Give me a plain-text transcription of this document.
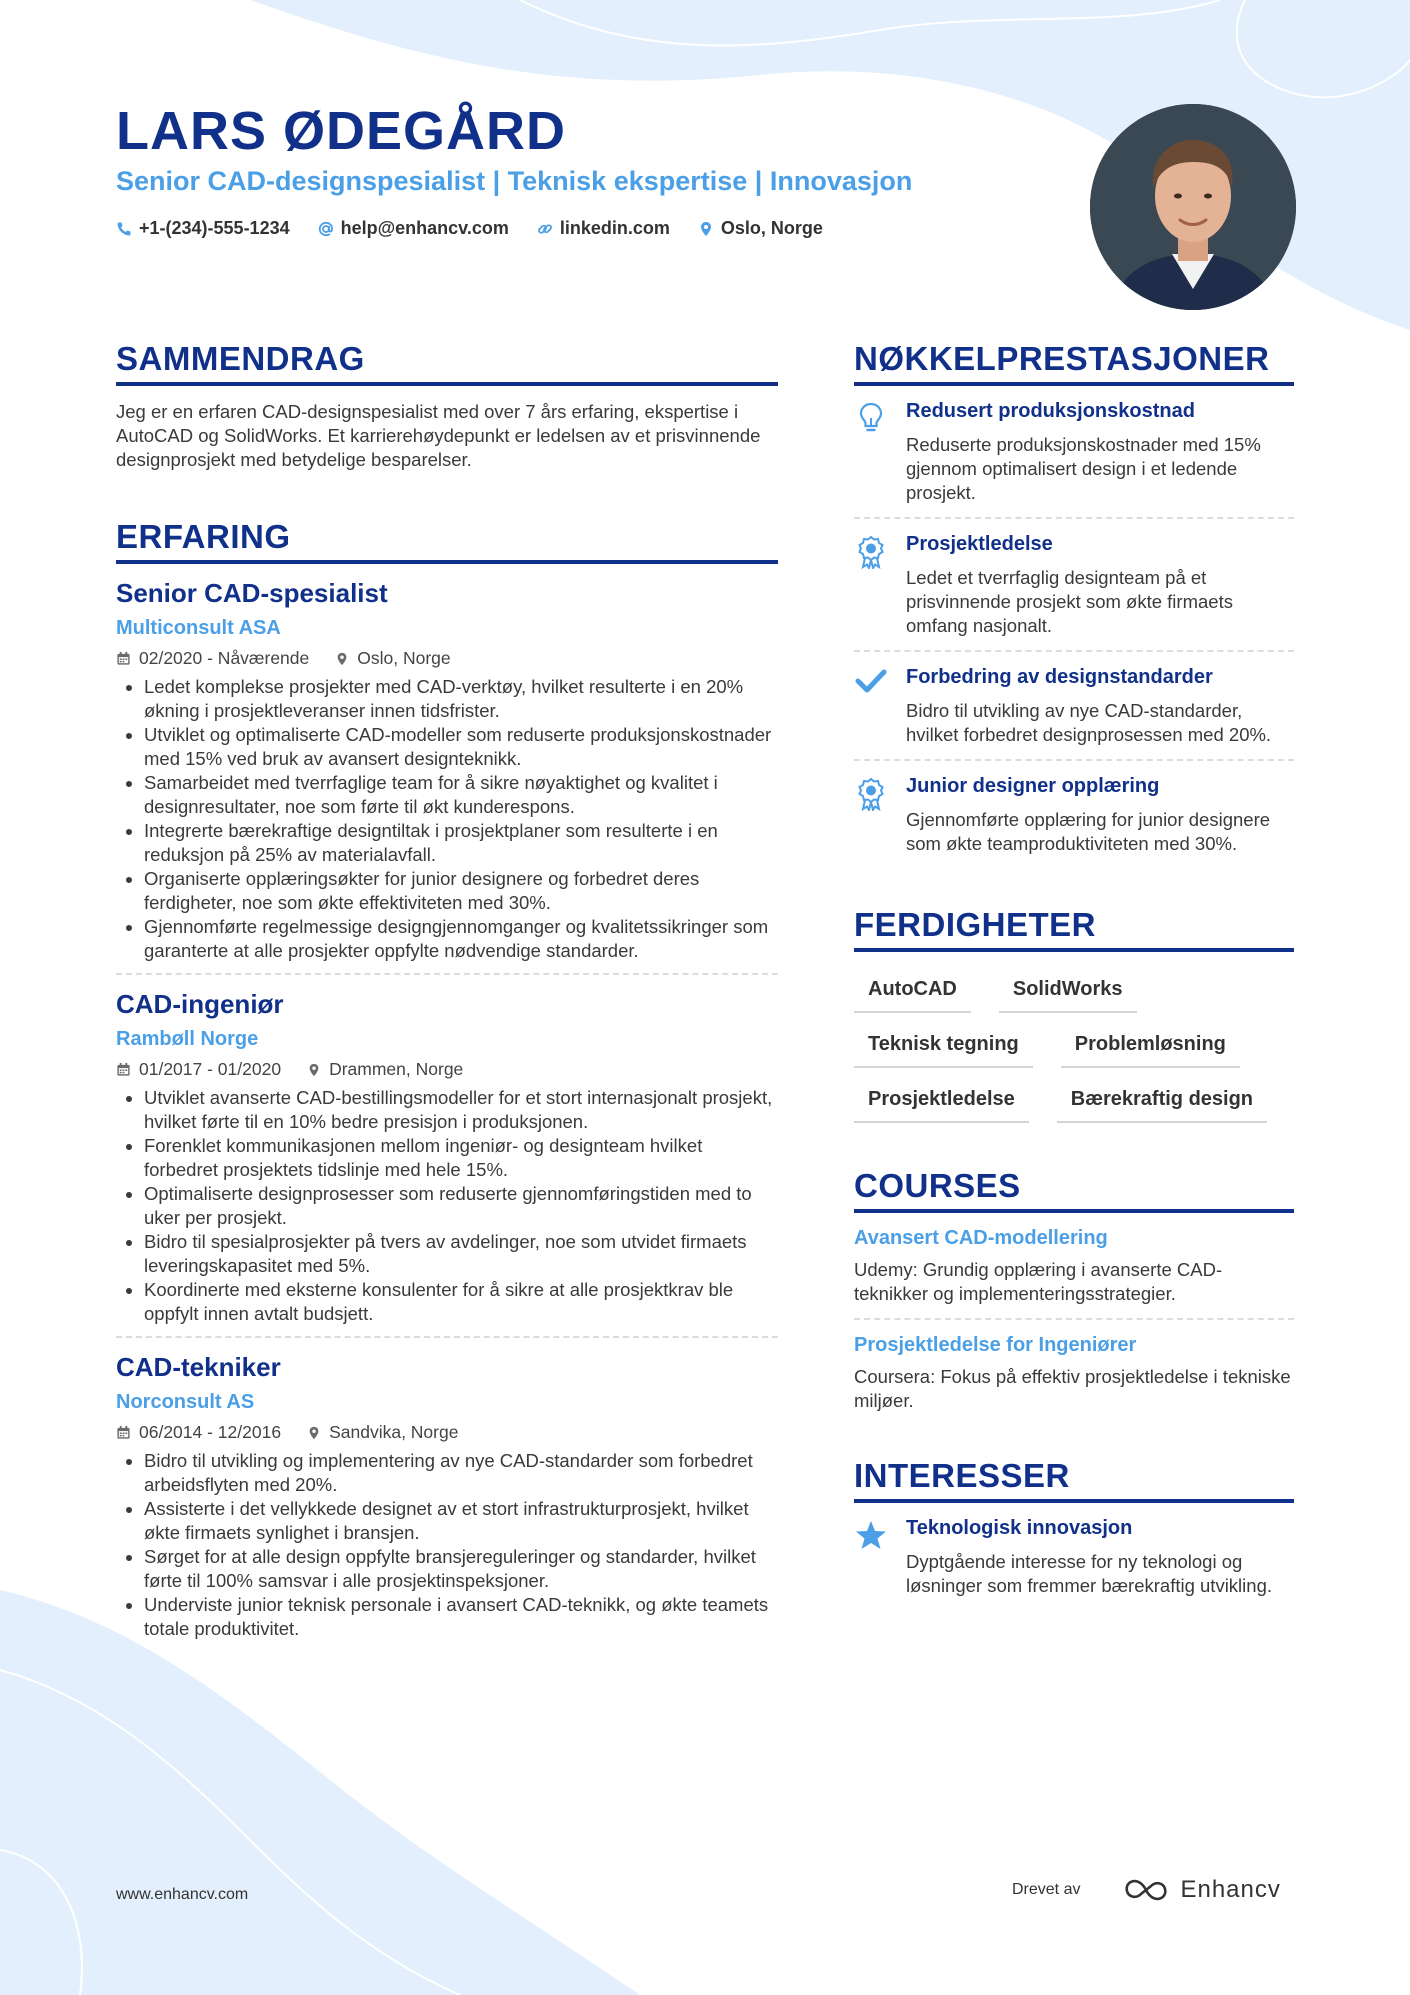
LARS ØDEGÅRD
Senior CAD-designspesialist | Teknisk ekspertise | Innovasjon
+1-(234)-555-1234	help@enhancv.com	linkedin.com	Oslo, Norge
SAMMENDRAG

Jeg er en erfaren CAD-designspesialist med over 7 års erfaring, ekspertise i AutoCAD og SolidWorks. Et karrierehøydepunkt er ledelsen av et prisvinnende designprosjekt med betydelige besparelser.

ERFARING
Senior CAD-spesialist
Multiconsult ASA
02/2020 - Nåværende	Oslo, Norge
• Ledet komplekse prosjekter med CAD-verktøy, hvilket resulterte i en 20% økning i prosjektleveranser innen tidsfrister.
• Utviklet og optimaliserte CAD-modeller som reduserte produksjonskostnader med 15% ved bruk av avansert designteknikk.
• Samarbeidet med tverrfaglige team for å sikre nøyaktighet og kvalitet i designresultater, noe som førte til økt kunderespons.
• Integrerte bærekraftige designtiltak i prosjektplaner som resulterte i en reduksjon på 25% av materialavfall.
• Organiserte opplæringsøkter for junior designere og forbedret deres ferdigheter, noe som økte effektiviteten med 30%.
• Gjennomførte regelmessige designgjennomganger og kvalitetssikringer som garanterte at alle prosjekter oppfylte nødvendige standarder.
CAD-ingeniør
Rambøll Norge
01/2017 - 01/2020	Drammen, Norge
• Utviklet avanserte CAD-bestillingsmodeller for et stort internasjonalt prosjekt, hvilket førte til en 10% bedre presisjon i produksjonen.
• Forenklet kommunikasjonen mellom ingeniør- og designteam hvilket forbedret prosjektets tidslinje med hele 15%.
• Optimaliserte designprosesser som reduserte gjennomføringstiden med to uker per prosjekt.
• Bidro til spesialprosjekter på tvers av avdelinger, noe som utvidet firmaets leveringskapasitet med 5%.
• Koordinerte med eksterne konsulenter for å sikre at alle prosjektkrav ble oppfylt innen avtalt budsjett.
CAD-tekniker
Norconsult AS
06/2014 - 12/2016	Sandvika, Norge
• Bidro til utvikling og implementering av nye CAD-standarder som forbedret arbeidsflyten med 20%.
• Assisterte i det vellykkede designet av et stort infrastrukturprosjekt, hvilket økte firmaets synlighet i bransjen.
• Sørget for at alle design oppfylte bransjereguleringer og standarder, hvilket førte til 100% samsvar i alle prosjektinspeksjoner.
• Underviste junior teknisk personale i avansert CAD-teknikk, og økte teamets totale produktivitet.
NØKKELPRESTASJONER
Redusert produksjonskostnad

Reduserte produksjonskostnader med 15% gjennom optimalisert design i et ledende prosjekt.

Prosjektledelse

Ledet et tverrfaglig designteam på et prisvinnende prosjekt som økte firmaets omfang nasjonalt.

Forbedring av designstandarder

Bidro til utvikling av nye CAD-standarder, hvilket forbedret designprosessen med 20%.

Junior designer opplæring

Gjennomførte opplæring for junior designere som økte teamproduktiviteten med 30%.

FERDIGHETER
AutoCAD	SolidWorks
Teknisk tegning	Problemløsning
Prosjektledelse	Bærekraftig design
COURSES
Avansert CAD-modellering

Udemy: Grundig opplæring i avanserte CAD-teknikker og implementeringsstrategier.

Prosjektledelse for Ingeniører

Coursera: Fokus på effektiv prosjektledelse i tekniske miljøer.

INTERESSER
Teknologisk innovasjon

Dyptgående interesse for ny teknologi og løsninger som fremmer bærekraftig utvikling.

www.enhancv.com	Drevet av	Enhancv
